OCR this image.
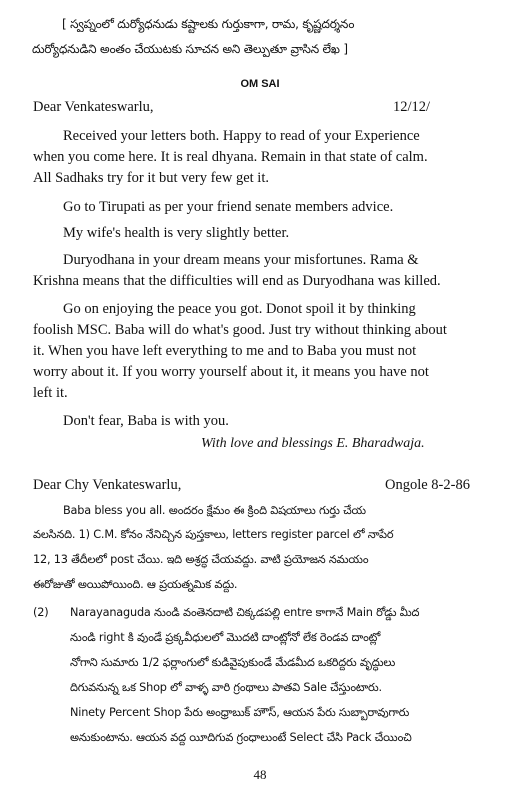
[ స్వప్నంలో దుర్యోధనుడు కష్టాలకు గుర్తుకాగా, రామ, కృష్ణదర్శనం
దుర్యోధనుడిని అంతం చేయుటకు సూచన అని తెల్పుతూ వ్రాసిన లేఖ ]
OM SAI
Dear Venkateswarlu,	12/12/
Received your letters both. Happy to read of your Experience
when you come here. It is real dhyana. Remain in that state of calm.
All Sadhaks try for it but very few get it.
Go to Tirupati as per your friend senate members advice.
My wife's health is very slightly better.
Duryodhana in your dream means your misfortunes. Rama &
Krishna means that the difficulties will end as Duryodhana was killed.
Go on enjoying the peace you got. Donot spoil it by thinking
foolish MSC. Baba will do what's good. Just try without thinking about
it. When you have left everything to me and to Baba you must not
worry about it. If you worry yourself about it, it means you have not
left it.
Don't fear, Baba is with you.
With love and blessings E. Bharadwaja.
Dear Chy Venkateswarlu,	Ongole 8-2-86
Baba bless you all. అందరం క్షేమం ఈ క్రింది విషయాలు గుర్తు చేయ
వలసినది. 1) C.M. కోనం నేనిచ్చిన పుస్తకాలు, letters register parcel లో నాపేర
12, 13 తేదీలలో post చేయి. ఇది అశ్రద్ధ చేయవద్దు. వాటి ప్రయోజన నమయం
ఈరోజుతో అయిపోయింది. ఆ ప్రయత్నమిక వద్దు.
(2) Narayanaguda నుండి వంతెనదాటి చిక్కడపల్లి entre కాగానే Main రోడ్డు మీద
నుండి right కి వుండే ప్రక్కవీధులలో మొదటి దాంట్లోనో లేక రెండవ దాంట్లో
నోగాని సుమారు 1/2 ఫర్లాంగులో కుడివైపుకుండే మేడమీద ఒకరిద్దరు వృద్ధులు
దిగువనున్న ఒక Shop లో వాళ్ళ వారి గ్రంథాలు పాతవి Sale చేస్తుంటారు.
Ninety Percent Shop పేరు అంధ్రాబుక్ హౌస్, ఆయన పేరు సుబ్బారావుగారు
అనుకుంటాను. ఆయన వద్ద యీదిగువ గ్రంధాలుంటే Select చేసి Pack చేయించి
48
